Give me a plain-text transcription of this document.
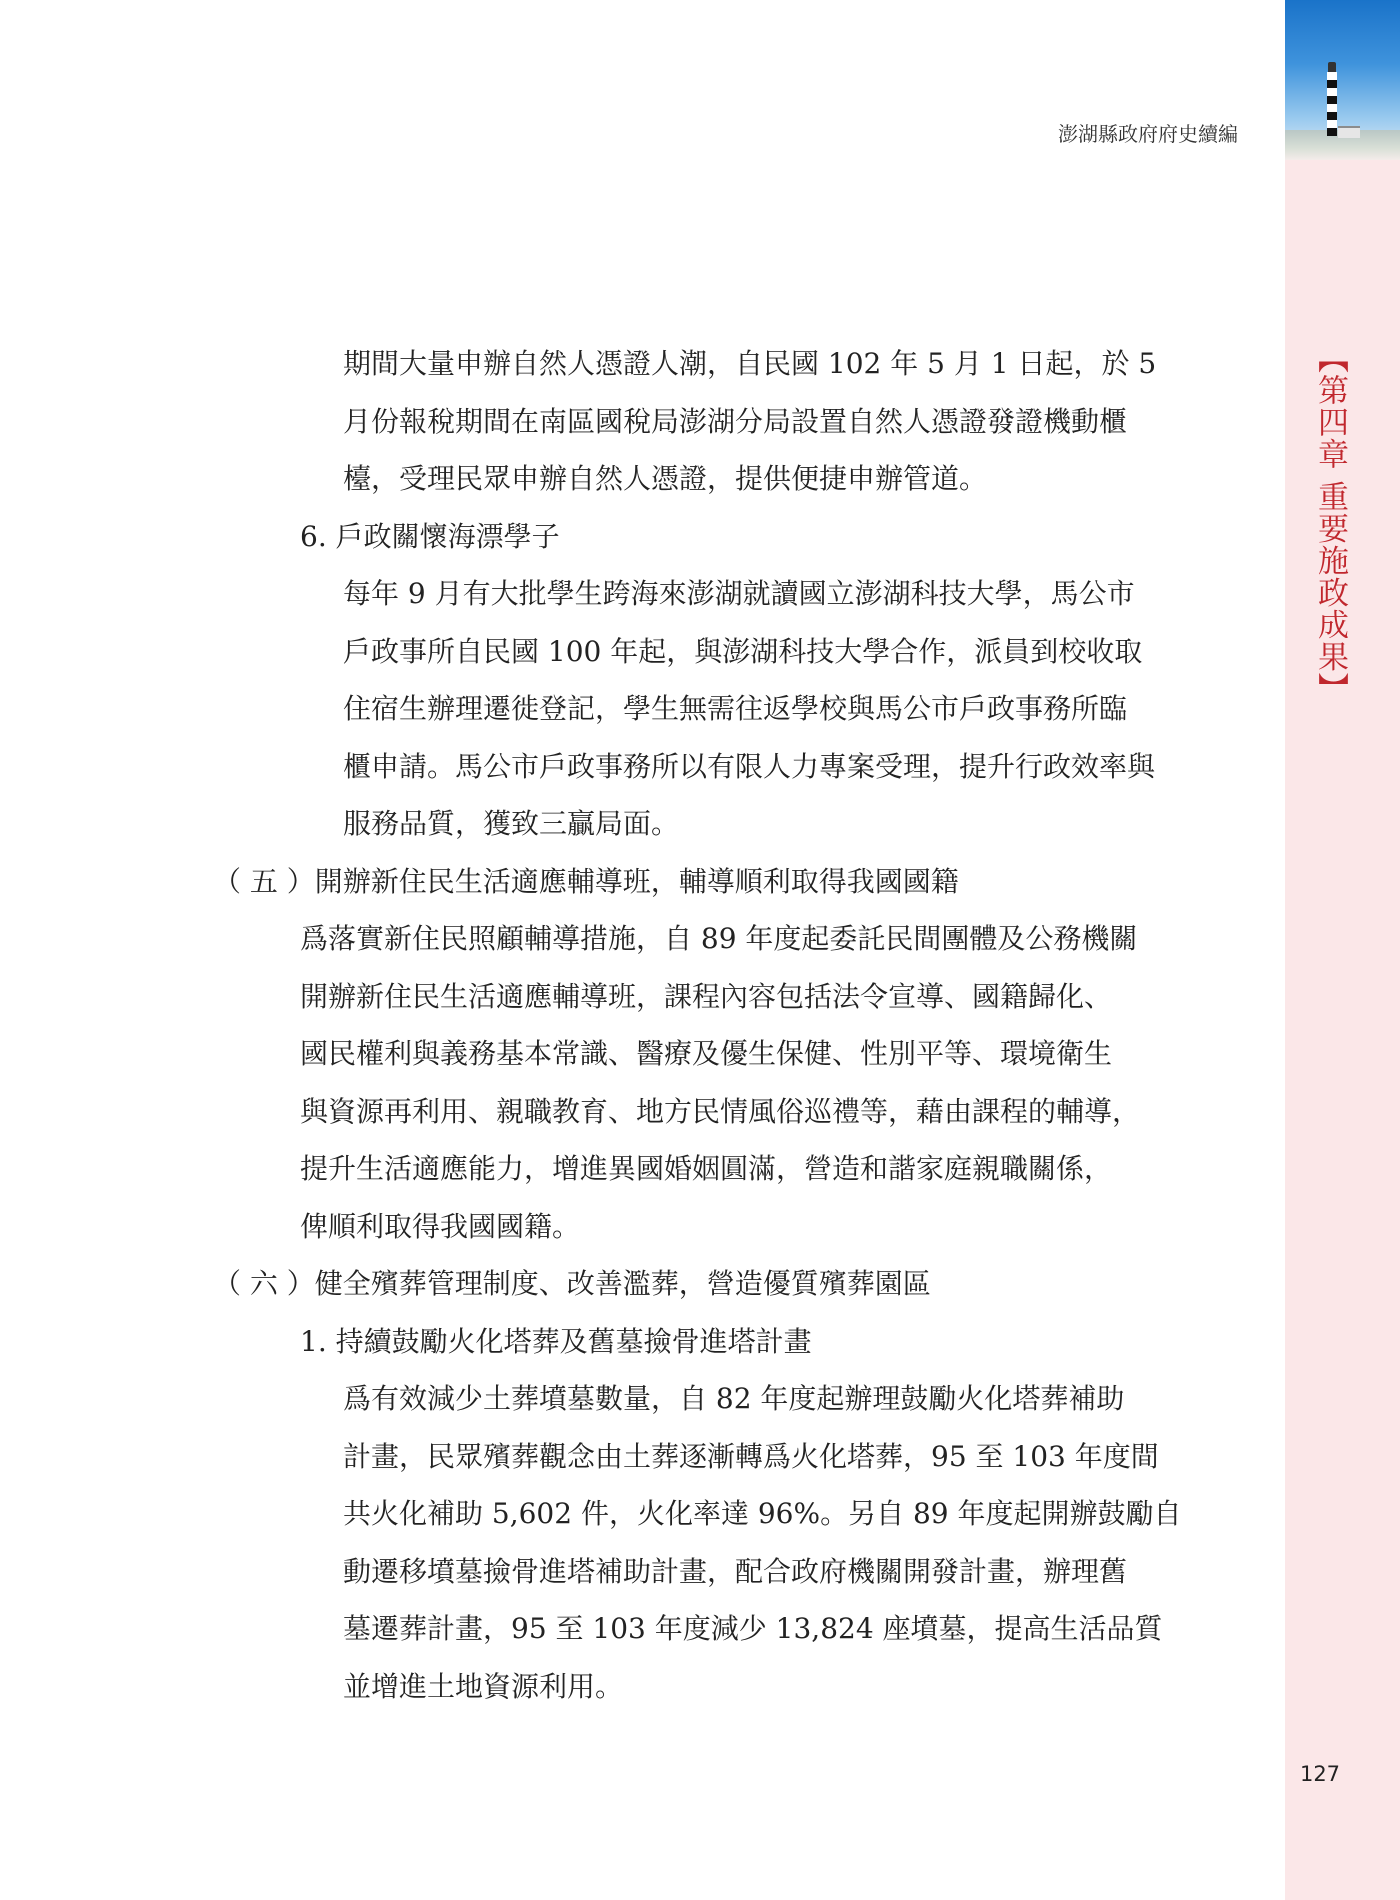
澎湖縣政府府史續編
【第四章 重要施政成果】

期間大量申辦自然人憑證人潮，自民國 102 年 5 月 1 日起，於 5

月份報稅期間在南區國稅局澎湖分局設置自然人憑證發證機動櫃

檯，受理民眾申辦自然人憑證，提供便捷申辦管道。

6. 戶政關懷海漂學子

每年 9 月有大批學生跨海來澎湖就讀國立澎湖科技大學，馬公市

戶政事所自民國 100 年起，與澎湖科技大學合作，派員到校收取

住宿生辦理遷徙登記，學生無需往返學校與馬公市戶政事務所臨

櫃申請。馬公市戶政事務所以有限人力專案受理，提升行政效率與

服務品質，獲致三贏局面。

（ 五 ）開辦新住民生活適應輔導班，輔導順利取得我國國籍

爲落實新住民照顧輔導措施，自 89 年度起委託民間團體及公務機關

開辦新住民生活適應輔導班，課程內容包括法令宣導、國籍歸化、

國民權利與義務基本常識、醫療及優生保健、性別平等、環境衛生

與資源再利用、親職教育、地方民情風俗巡禮等，藉由課程的輔導，

提升生活適應能力，增進異國婚姻圓滿，營造和諧家庭親職關係，

俾順利取得我國國籍。

（ 六 ）健全殯葬管理制度、改善濫葬，營造優質殯葬園區

1. 持續鼓勵火化塔葬及舊墓撿骨進塔計畫

爲有效減少土葬墳墓數量，自 82 年度起辦理鼓勵火化塔葬補助

計畫，民眾殯葬觀念由土葬逐漸轉爲火化塔葬，95 至 103 年度間

共火化補助 5,602 件，火化率達 96%。另自 89 年度起開辦鼓勵自

動遷移墳墓撿骨進塔補助計畫，配合政府機關開發計畫，辦理舊

墓遷葬計畫，95 至 103 年度減少 13,824 座墳墓，提高生活品質

並增進土地資源利用。

127
